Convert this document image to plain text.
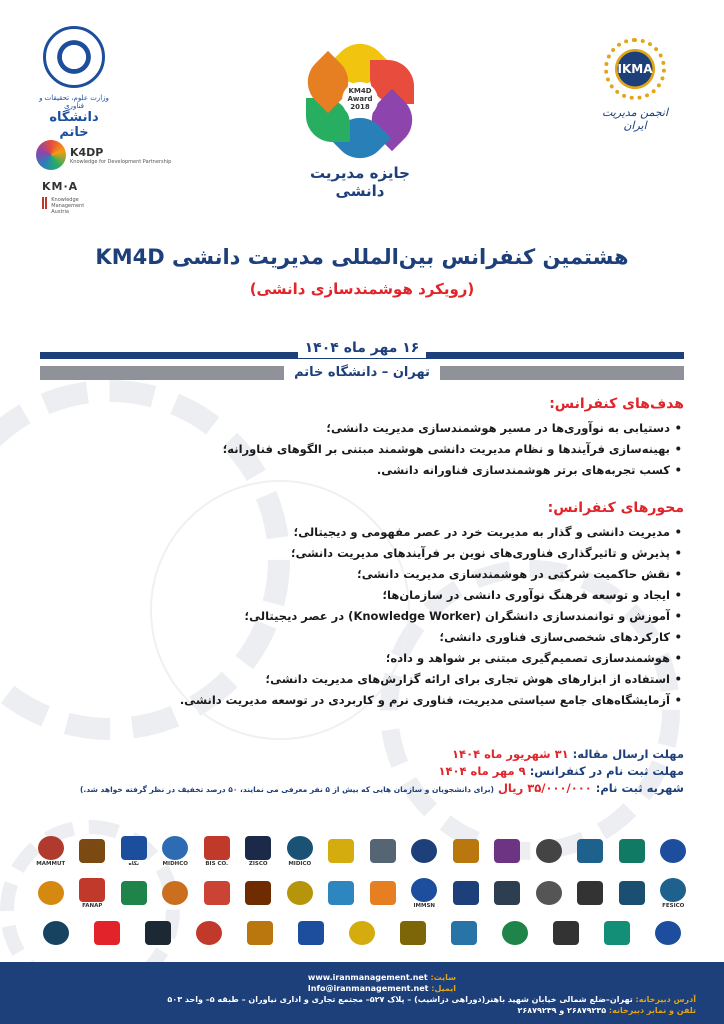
وزارت علوم، تحقیقات و فناوری
دانشگاه خاتم
K4DP
Knowledge for Development Partnership
KM·A
Knowledge Management Austria
KM4D
Award
2018
جایزه مدیریت دانشی
IKMA
انجمن مدیریت ایران
هشتمین کنفرانس بین‌المللی مدیریت دانشی KM4D
(رویکرد هوشمندسازی دانشی)
۱۶ مهر ماه ۱۴۰۴
تهران – دانشگاه خاتم
هدف‌های کنفرانس:
• دستیابی به نوآوری‌ها در مسیر هوشمندسازی مدیریت دانشی؛
• بهینه‌سازی فرآیندها و نظام مدیریت دانشی هوشمند مبتنی بر الگوهای فناورانه؛
• کسب تجربه‌های برتر هوشمندسازی فناورانه دانشی.
محورهای کنفرانس:
• مدیریت دانشی و گذار به مدیریت خرد در عصر مفهومی و دیجیتالی؛
• پذیرش و تاثیرگذاری فناوری‌های نوین بر فرآیندهای مدیریت دانشی؛
• نقش حاکمیت شرکتی در هوشمندسازی مدیریت دانشی؛
• ایجاد و توسعه فرهنگ نوآوری دانشی در سازمان‌ها؛
• آموزش و توانمندسازی دانشگران (Knowledge Worker) در عصر دیجیتالی؛
• کارکردهای شخصی‌سازی فناوری دانشی؛
• هوشمندسازی تصمیم‌گیری مبتنی بر شواهد و داده؛
• استفاده از ابزارهای هوش تجاری برای ارائه گزارش‌های مدیریت دانشی؛
• آزمایشگاه‌های جامع سیاستی مدیریت، فناوری نرم و کاربردی در توسعه مدیریت دانشی.
مهلت ارسال مقاله: ۳۱ شهریور ماه ۱۴۰۴
مهلت ثبت نام در کنفرانس: ۹ مهر ماه ۱۴۰۴
شهریه ثبت نام: ۳۵/۰۰۰/۰۰۰ ریال (برای دانشجویان و سازمان هایی که بیش از ۵ نفر معرفی می نمایند، ۵۰ درصد تخفیف در نظر گرفته خواهد شد.)
MAMMUT	نگاه	MIDHCO	BIS CO.	ZISCO	MIDICO
FANAP	IMMSN	FESICO
سایت: www.iranmanagement.net
ایمیل: Info@iranmanagement.net
آدرس دبیرخانه: تهران–ضلع شمالی خیابان شهید باهنر(دوراهی دزاشیب) – پلاک ۵۲۷– مجتمع تجاری و اداری نیاوران – طبقه ۵– واحد ۵۰۳
تلفن و نمابر دبیرخانه: ۲۶۸۷۹۲۳۵ و ۲۶۸۷۹۲۳۹
